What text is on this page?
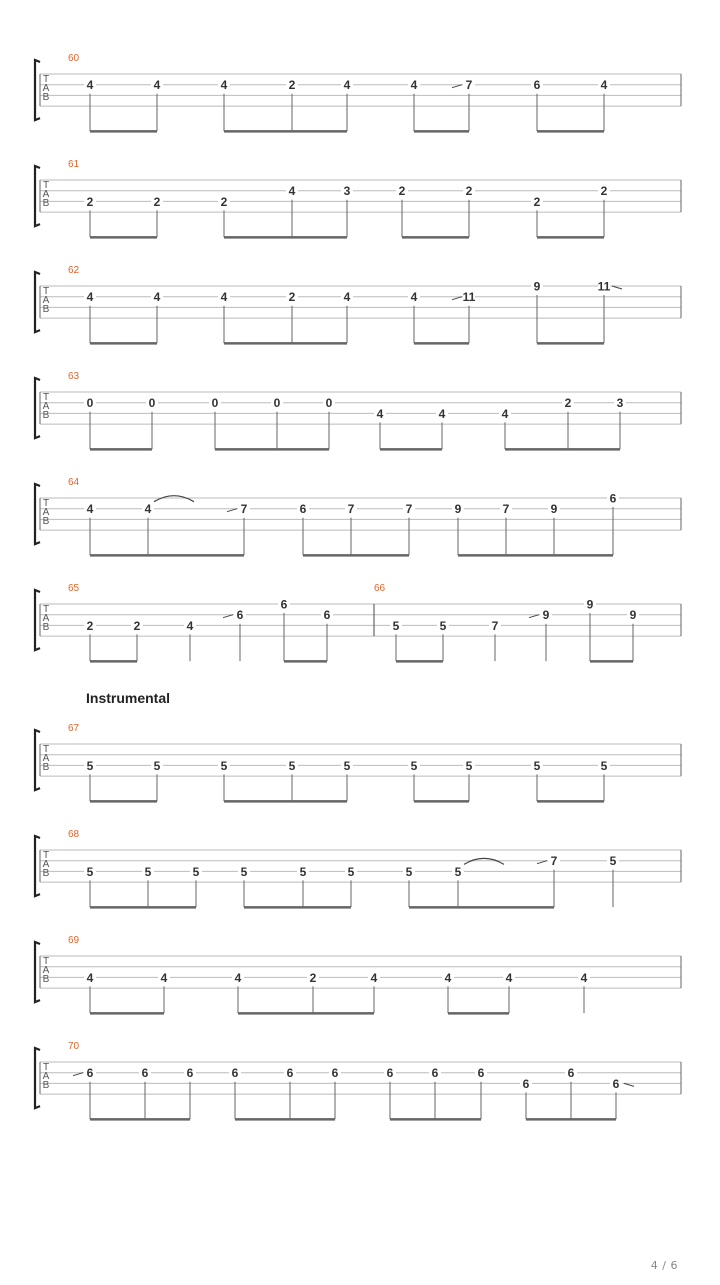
T
A
B
60
4	4	4	2	4	4	7	6	4
T
A
B
61
2	2	2
4	3	2	2
2
2
T
A
B
62
4	4	4	2	4	4	11
9	11
T
A
B
63
0	0	0	0	0
4	4	4
2	3
T
A
B
64
4	4	7	6	7	7	9	7	9
6
T
A
B
65	66
2	2	4
6
6
6
5	5	7
9
9
9
T
A
B
67
5	5	5	5	5	5	5	5	5
T
A
B
68
5	5	5	5	5	5	5	5
7	5
T
A
B
69
4	4	4	2	4	4	4	4
T
A
B
70
6	6	6	6	6	6	6	6	6
6
6
6
Instrumental
4 / 6
